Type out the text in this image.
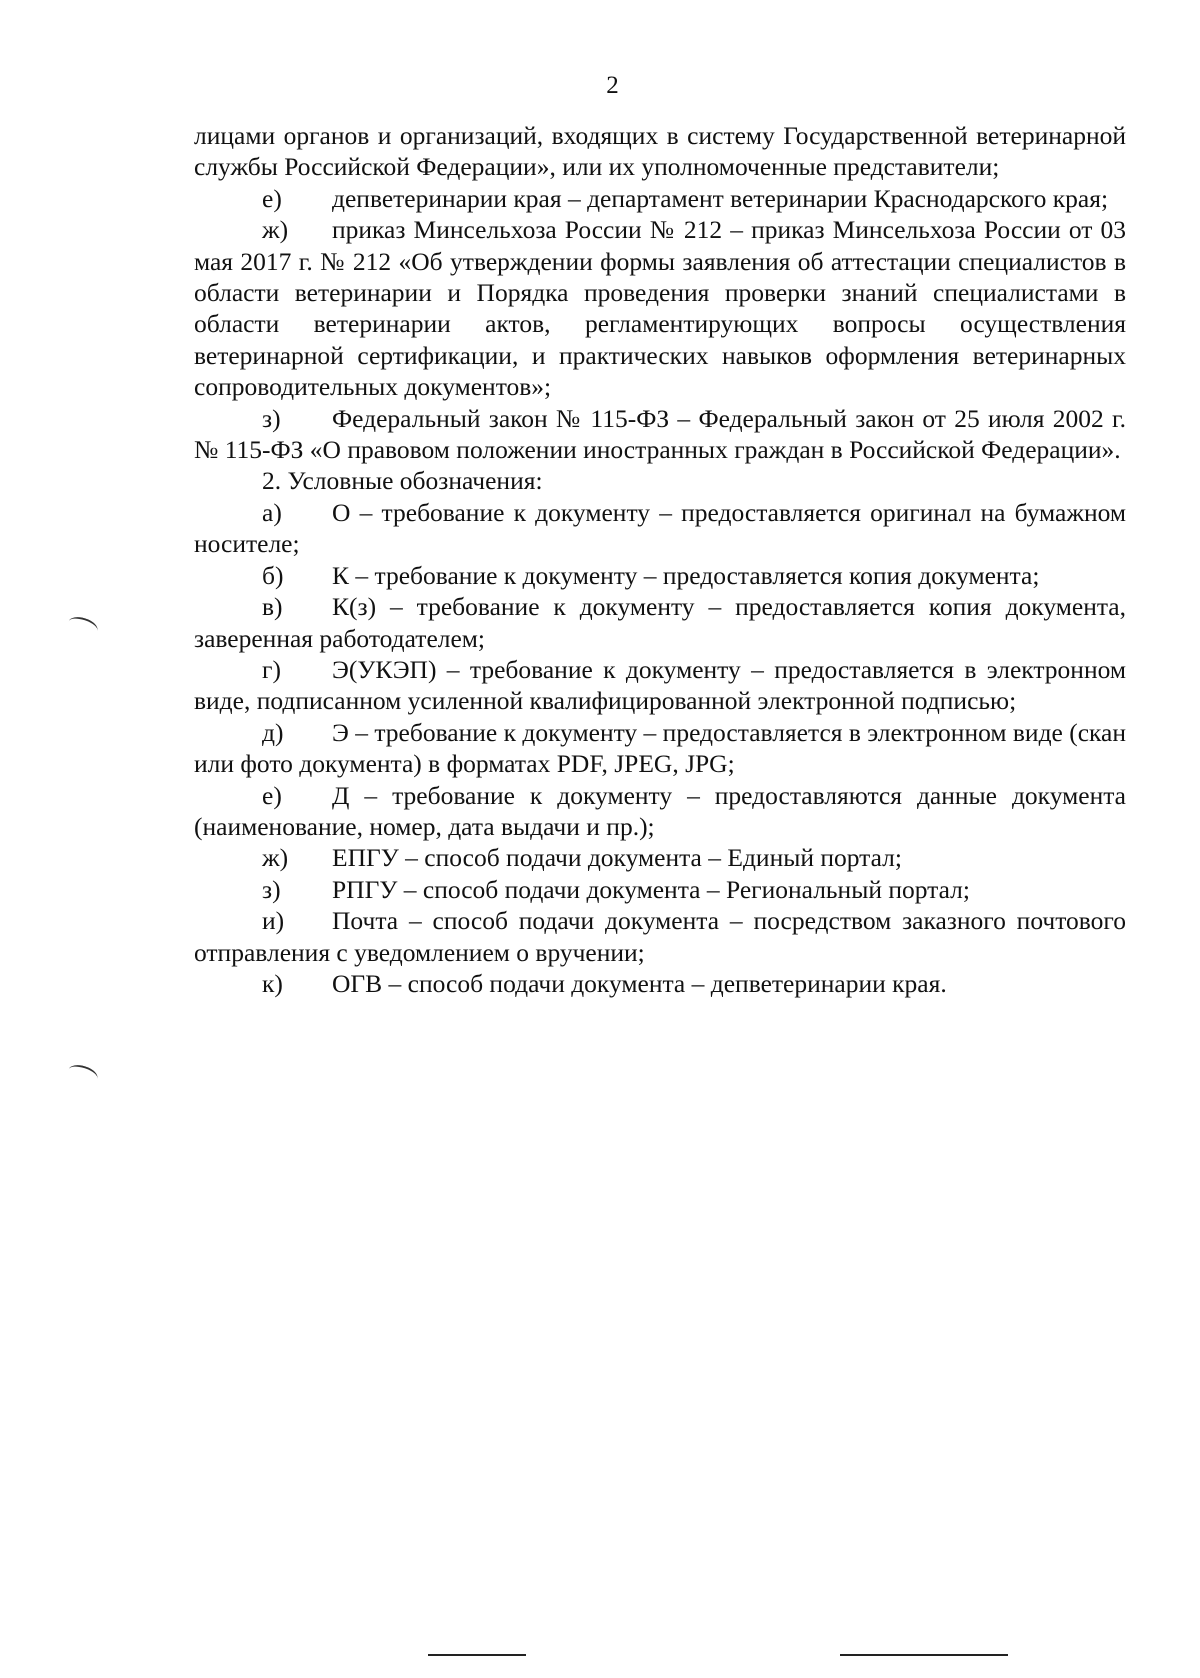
2

лицами органов и организаций, входящих в систему Государственной ветеринарной службы Российской Федерации», или их уполномоченные представители;

е) депветеринарии края – департамент ветеринарии Краснодарского края;

ж) приказ Минсельхоза России № 212 – приказ Минсельхоза России от 03 мая 2017 г. № 212 «Об утверждении формы заявления об аттестации специалистов в области ветеринарии и Порядка проведения проверки знаний специалистами в области ветеринарии актов, регламентирующих вопросы осуществления ветеринарной сертификации, и практических навыков оформления ветеринарных сопроводительных документов»;

з) Федеральный закон № 115-ФЗ – Федеральный закон от 25 июля 2002 г. № 115-ФЗ «О правовом положении иностранных граждан в Российской Федерации».

2. Условные обозначения:

а) О – требование к документу – предоставляется оригинал на бумажном носителе;

б) К – требование к документу – предоставляется копия документа;

в) К(з) – требование к документу – предоставляется копия документа, заверенная работодателем;

г) Э(УКЭП) – требование к документу – предоставляется в электронном виде, подписанном усиленной квалифицированной электронной подписью;

д) Э – требование к документу – предоставляется в электронном виде (скан или фото документа) в форматах PDF, JPEG, JPG;

е) Д – требование к документу – предоставляются данные документа (наименование, номер, дата выдачи и пр.);

ж) ЕПГУ – способ подачи документа – Единый портал;

з) РПГУ – способ подачи документа – Региональный портал;

и) Почта – способ подачи документа – посредством заказного почтового отправления с уведомлением о вручении;

к) ОГВ – способ подачи документа – депветеринарии края.
